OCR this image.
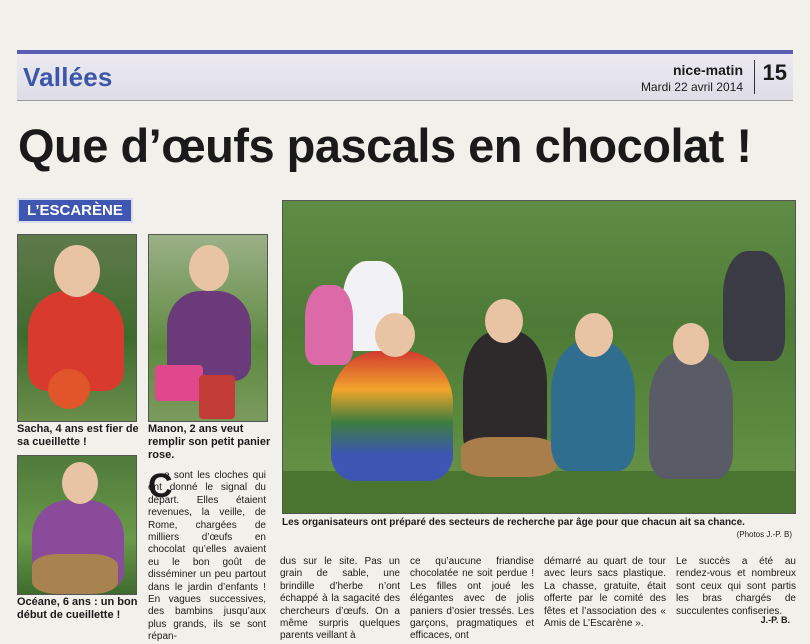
Vallées	nice-matin
Mardi 22 avril 2014
15
Que d’œufs pascals en chocolat !
L’ESCARÈNE
Sacha, 4 ans est fier de sa cueillette !
Manon, 2 ans veut remplir son petit panier rose.
Océane, 6 ans : un bon début de cueillette !
Les organisateurs ont préparé des secteurs de recherche par âge pour que chacun ait sa chance.
(Photos J.-P. B)
C
e sont les cloches qui ont donné le signal du départ. Elles étaient revenues, la veille, de Rome, chargées de milliers d’œufs en chocolat qu’elles avaient eu le bon goût de disséminer un peu partout dans le jardin d’enfants ! En vagues successives, des bambins jusqu’aux plus grands, ils se sont répan-
dus sur le site. Pas un grain de sable, une brindille d’herbe n’ont échappé à la sagacité des chercheurs d’œufs. On a même surpris quelques parents veillant à
ce qu’aucune friandise chocolatée ne soit perdue ! Les filles ont joué les élégantes avec de jolis paniers d’osier tressés. Les garçons, pragmatiques et efficaces, ont
démarré au quart de tour avec leurs sacs plastique. La chasse, gratuite, était offerte par le comité des fêtes et l’association des « Amis de L’Escarène ».
Le succès a été au rendez-vous et nombreux sont ceux qui sont partis les bras chargés de succulentes confiseries.
J.-P. B.
